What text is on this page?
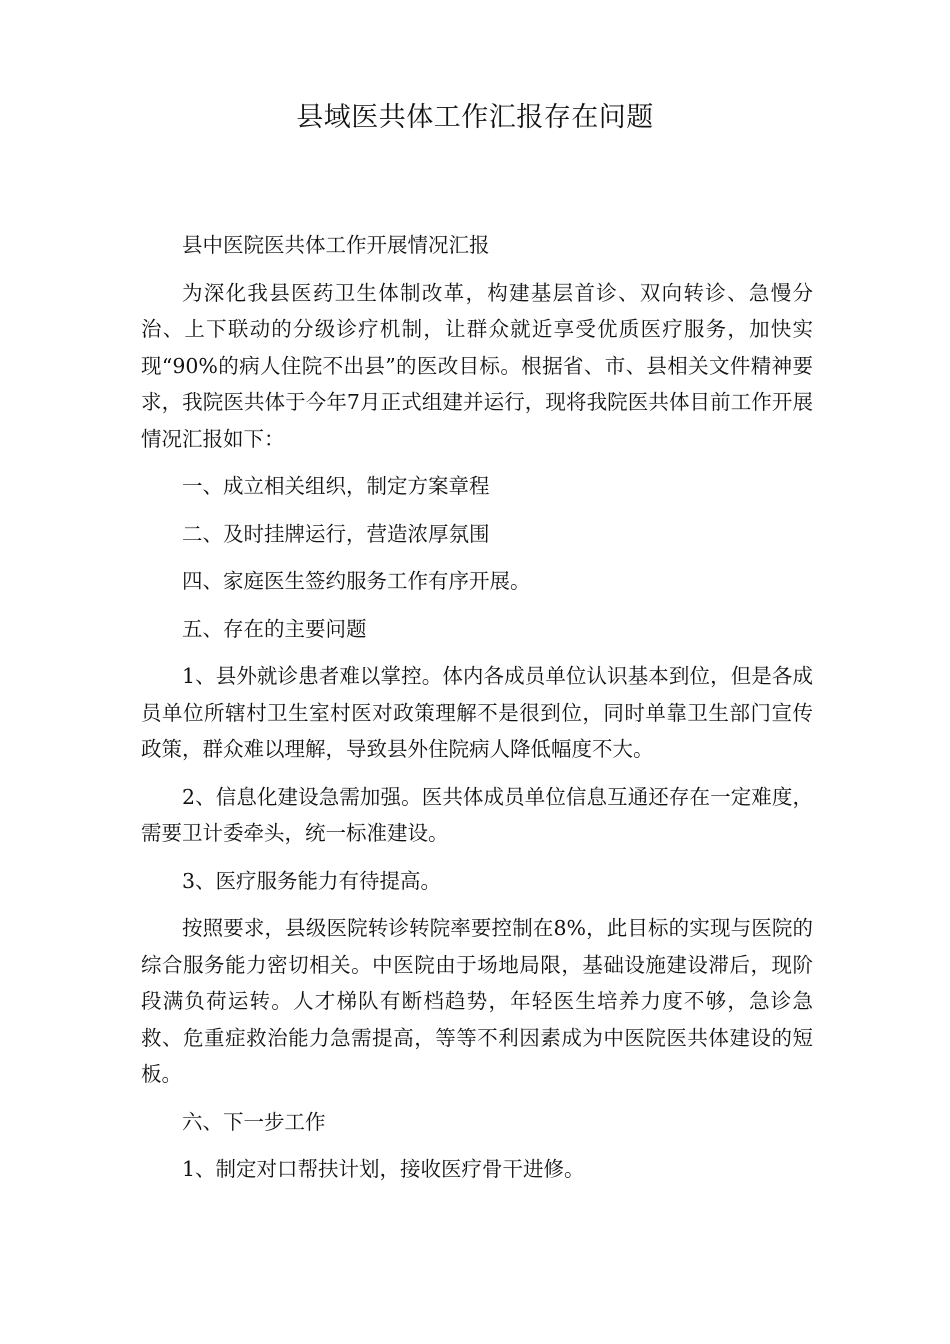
县域医共体工作汇报存在问题

县中医院医共体工作开展情况汇报

为深化我县医药卫生体制改革，构建基层首诊、双向转诊、急慢分治、上下联动的分级诊疗机制，让群众就近享受优质医疗服务，加快实现“90%的病人住院不出县”的医改目标。根据省、市、县相关文件精神要求，我院医共体于今年7月正式组建并运行，现将我院医共体目前工作开展情况汇报如下：

一、成立相关组织，制定方案章程

二、及时挂牌运行，营造浓厚氛围

四、家庭医生签约服务工作有序开展。

五、存在的主要问题

1、县外就诊患者难以掌控。体内各成员单位认识基本到位，但是各成员单位所辖村卫生室村医对政策理解不是很到位，同时单靠卫生部门宣传政策，群众难以理解，导致县外住院病人降低幅度不大。

2、信息化建设急需加强。医共体成员单位信息互通还存在一定难度，需要卫计委牵头，统一标准建设。

3、医疗服务能力有待提高。

按照要求，县级医院转诊转院率要控制在8%，此目标的实现与医院的综合服务能力密切相关。中医院由于场地局限，基础设施建设滞后，现阶段满负荷运转。人才梯队有断档趋势，年轻医生培养力度不够，急诊急救、危重症救治能力急需提高，等等不利因素成为中医院医共体建设的短板。

六、下一步工作

1、制定对口帮扶计划，接收医疗骨干进修。
